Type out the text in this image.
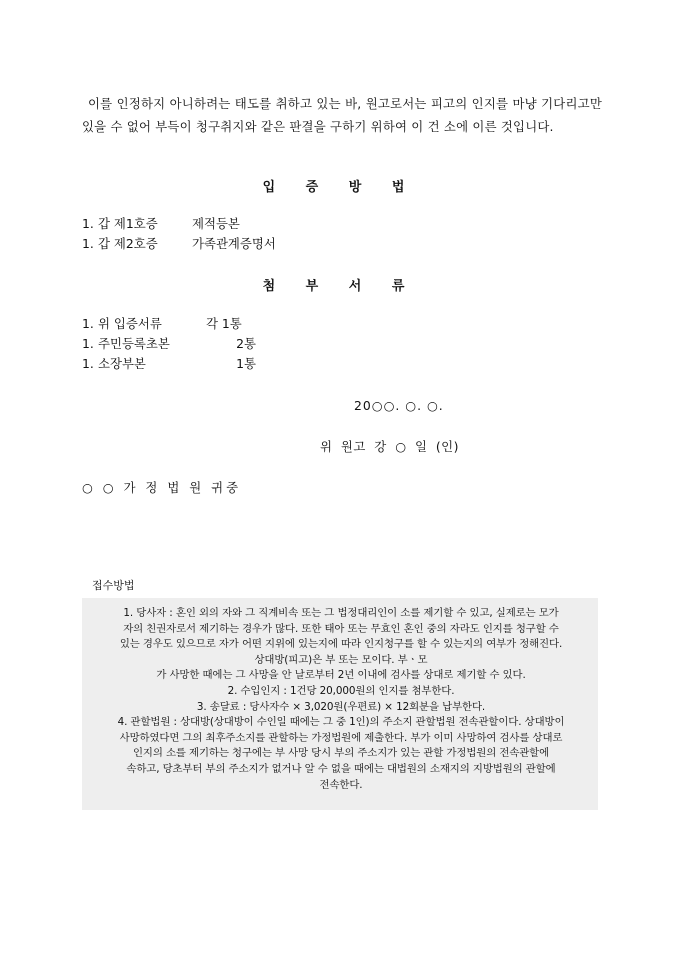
이를 인정하지 아니하려는 태도를 취하고 있는 바, 원고로서는 피고의 인지를 마냥 기다리고만 있을 수 없어 부득이 청구취지와 같은 판결을 구하기 위하여 이 건 소에 이른 것입니다.

입 증 방 법
1. 갑 제1호증	제적등본
1. 갑 제2호증	가족관계증명서
첨 부 서 류
1. 위 입증서류	각 1통
1. 주민등록초본	2통
1. 소장부본	1통
20○○. ○. ○.
위 원고 강 ○ 일 (인)
○ ○ 가 정 법 원 귀중
접수방법
1. 당사자 : 혼인 외의 자와 그 직계비속 또는 그 법정대리인이 소를 제기할 수 있고, 실제로는 모가
자의 친권자로서 제기하는 경우가 많다. 또한 태아 또는 무효인 혼인 중의 자라도 인지를 청구할 수
있는 경우도 있으므로 자가 어떤 지위에 있는지에 따라 인지청구를 할 수 있는지의 여부가 정해진다.
상대방(피고)은 부 또는 모이다. 부ㆍ모
가 사망한 때에는 그 사망을 안 날로부터 2년 이내에 검사를 상대로 제기할 수 있다.
2. 수입인지 : 1건당 20,000원의 인지를 첨부한다.
3. 송달료 : 당사자수 × 3,020원(우편료) × 12회분을 납부한다.
4. 관할법원 : 상대방(상대방이 수인일 때에는 그 중 1인)의 주소지 관할법원 전속관할이다. 상대방이
사망하였다면 그의 최후주소지를 관할하는 가정법원에 제출한다. 부가 이미 사망하여 검사를 상대로
인지의 소를 제기하는 청구에는 부 사망 당시 부의 주소지가 있는 관할 가정법원의 전속관할에
속하고, 당초부터 부의 주소지가 없거나 알 수 없을 때에는 대법원의 소재지의 지방법원의 관할에
전속한다.
